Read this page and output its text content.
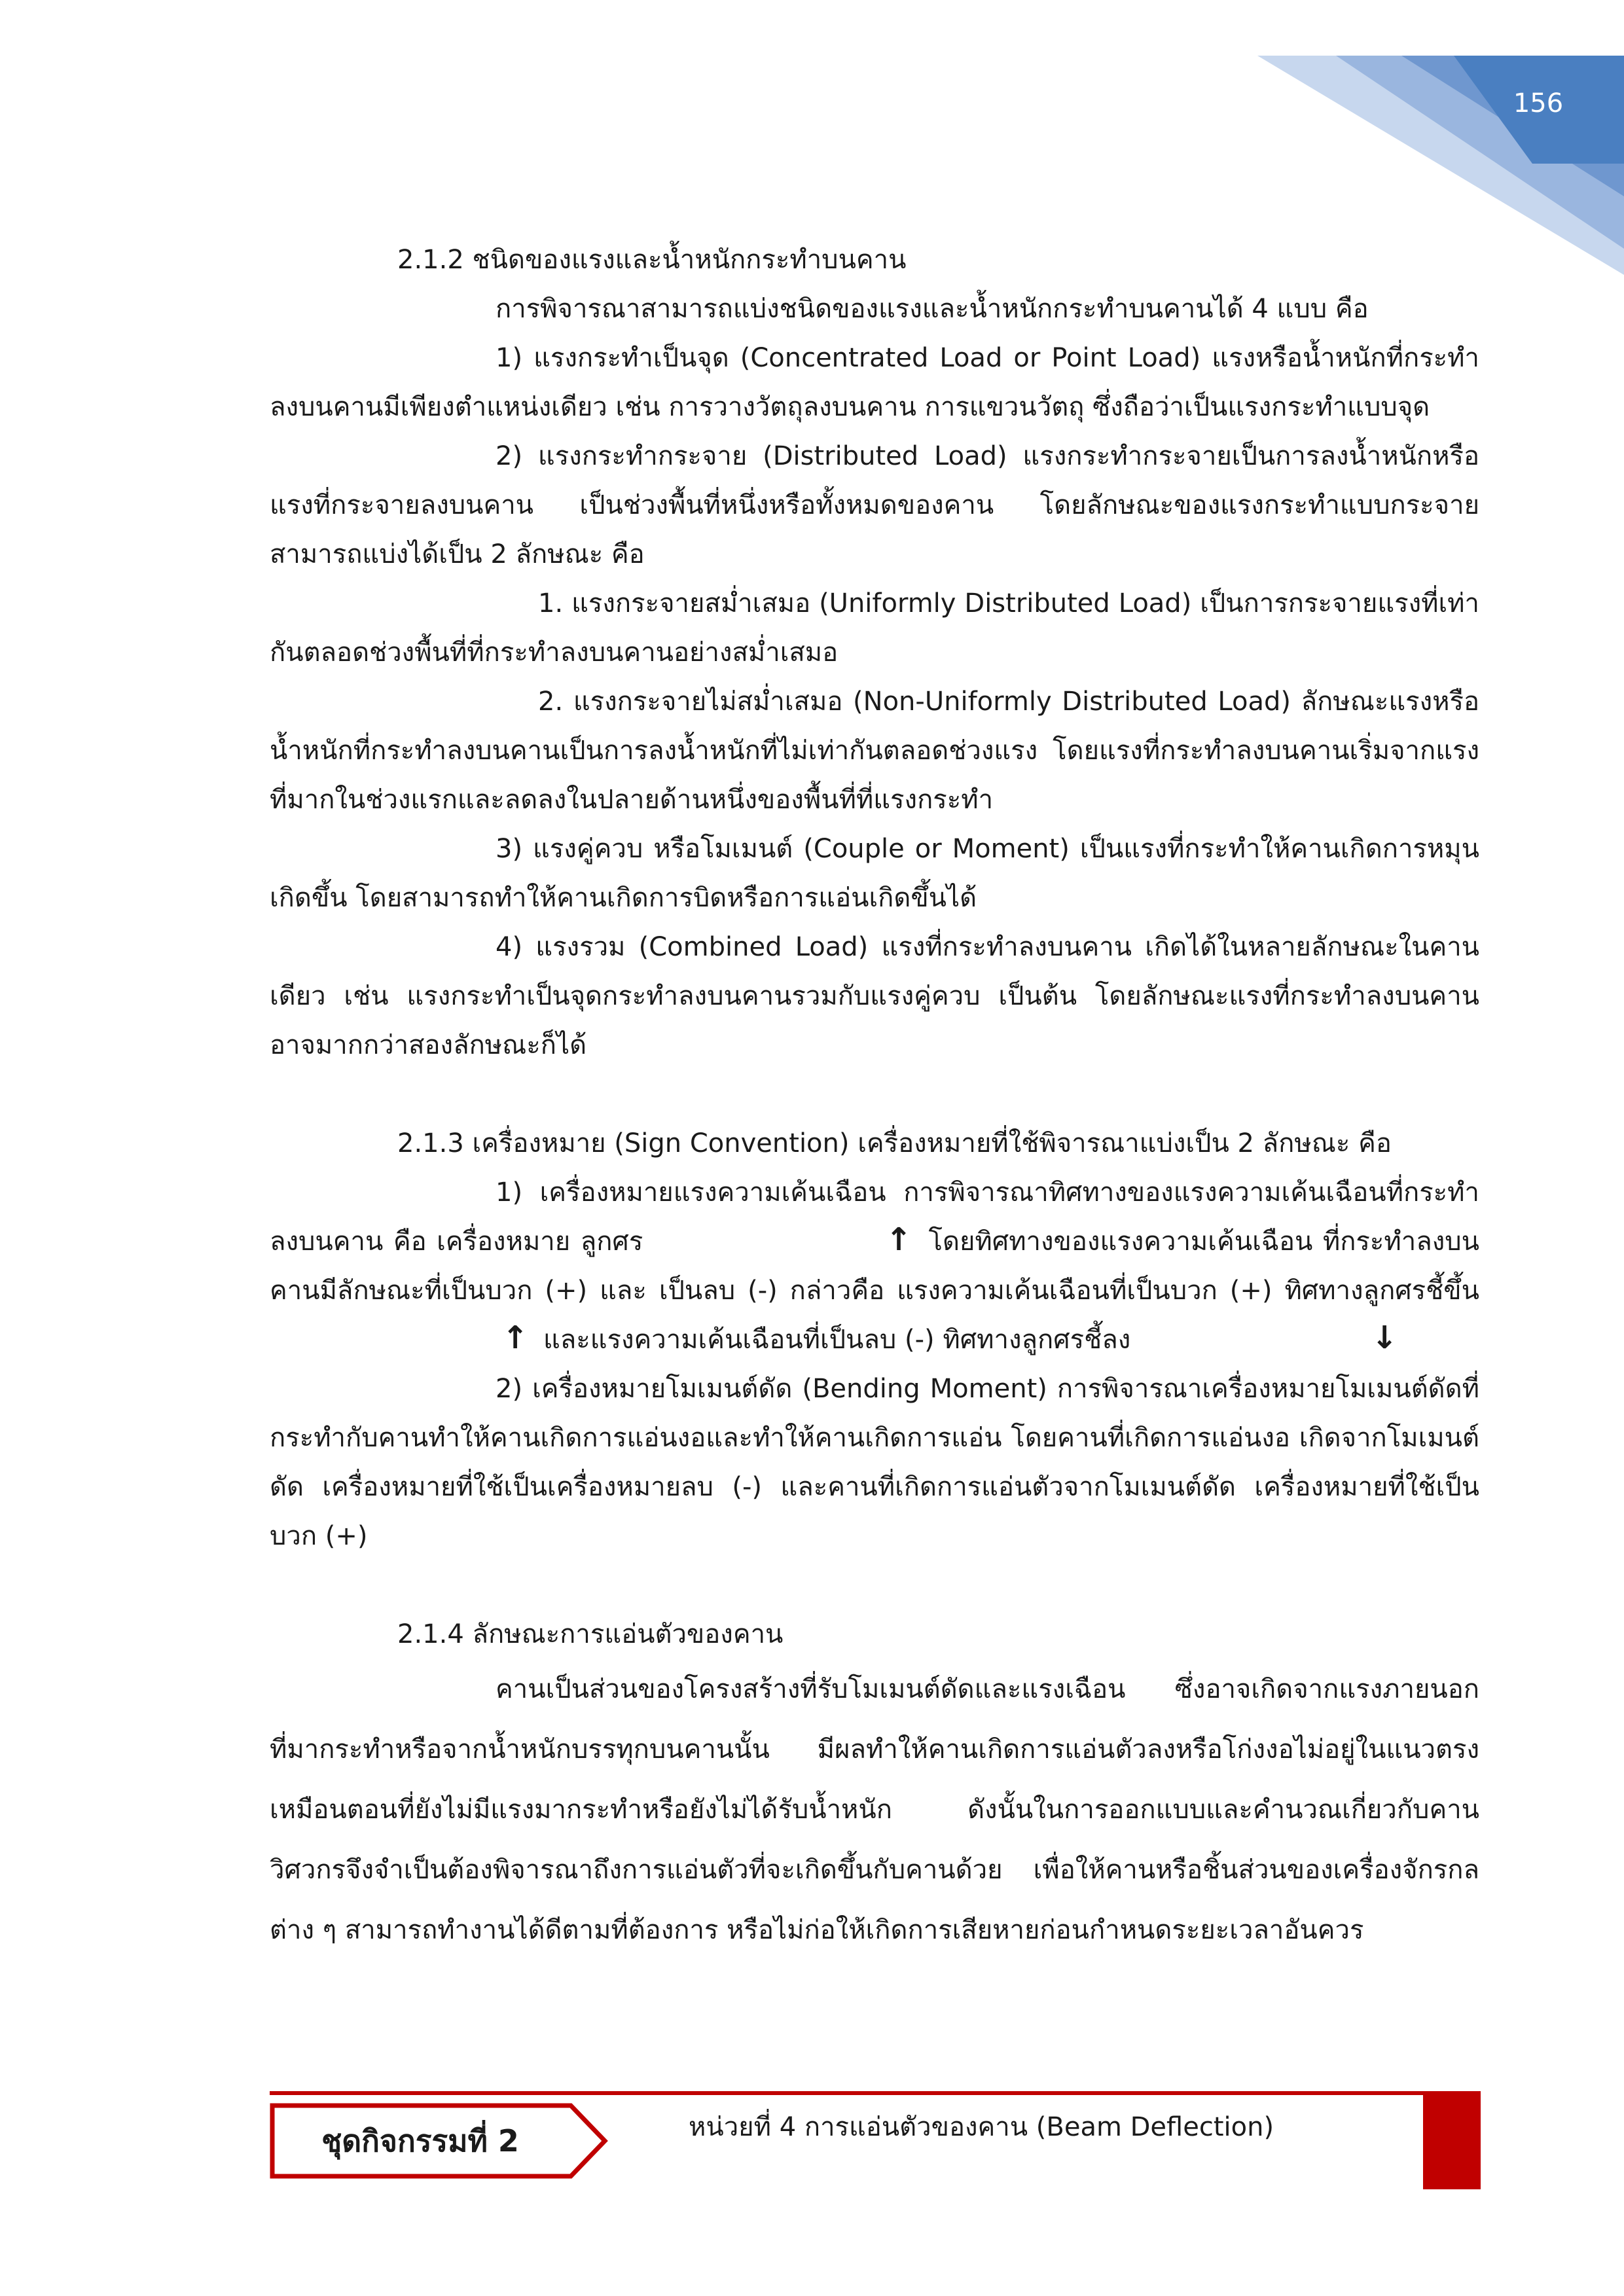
156

2.1.2 ชนิดของแรงและน้ำหนักกระทำบนคาน

การพิจารณาสามารถแบ่งชนิดของแรงและน้ำหนักกระทำบนคานได้ 4 แบบ คือ

1) แรงกระทำเป็นจุด (Concentrated Load or Point Load) แรงหรือน้ำหนักที่กระทำลงบนคานมีเพียงตำแหน่งเดียว เช่น การวางวัตถุลงบนคาน การแขวนวัตถุ ซึ่งถือว่าเป็นแรงกระทำแบบจุด

2) แรงกระทำกระจาย (Distributed Load) แรงกระทำกระจายเป็นการลงน้ำหนักหรือแรงที่กระจายลงบนคาน เป็นช่วงพื้นที่หนึ่งหรือทั้งหมดของคาน โดยลักษณะของแรงกระทำแบบกระจายสามารถแบ่งได้เป็น 2 ลักษณะ คือ

1. แรงกระจายสม่ำเสมอ (Uniformly Distributed Load) เป็นการกระจายแรงที่เท่ากันตลอดช่วงพื้นที่ที่กระทำลงบนคานอย่างสม่ำเสมอ

2. แรงกระจายไม่สม่ำเสมอ (Non-Uniformly Distributed Load) ลักษณะแรงหรือน้ำหนักที่กระทำลงบนคานเป็นการลงน้ำหนักที่ไม่เท่ากันตลอดช่วงแรง โดยแรงที่กระทำลงบนคานเริ่มจากแรงที่มากในช่วงแรกและลดลงในปลายด้านหนึ่งของพื้นที่ที่แรงกระทำ

3) แรงคู่ควบ หรือโมเมนต์ (Couple or Moment) เป็นแรงที่กระทำให้คานเกิดการหมุนเกิดขึ้น โดยสามารถทำให้คานเกิดการบิดหรือการแอ่นเกิดขึ้นได้

4) แรงรวม (Combined Load) แรงที่กระทำลงบนคาน เกิดได้ในหลายลักษณะในคานเดียว เช่น แรงกระทำเป็นจุดกระทำลงบนคานรวมกับแรงคู่ควบ เป็นต้น โดยลักษณะแรงที่กระทำลงบนคาน อาจมากกว่าสองลักษณะก็ได้

2.1.3 เครื่องหมาย (Sign Convention) เครื่องหมายที่ใช้พิจารณาแบ่งเป็น 2 ลักษณะ คือ

1) เครื่องหมายแรงความเค้นเฉือน การพิจารณาทิศทางของแรงความเค้นเฉือนที่กระทำลงบนคาน คือ เครื่องหมาย ลูกศร	↑ โดยทิศทางของแรงความเค้นเฉือน ที่กระทำลงบนคานมีลักษณะที่เป็นบวก (+) และ เป็นลบ (-) กล่าวคือ แรงความเค้นเฉือนที่เป็นบวก (+) ทิศทางลูกศรชี้ขึ้น ↑ และแรงความเค้นเฉือนที่เป็นลบ (-) ทิศทางลูกศรชี้ลง	↓

2) เครื่องหมายโมเมนต์ดัด (Bending Moment) การพิจารณาเครื่องหมายโมเมนต์ดัดที่กระทำกับคานทำให้คานเกิดการแอ่นงอและทำให้คานเกิดการแอ่น โดยคานที่เกิดการแอ่นงอ เกิดจากโมเมนต์ดัด เครื่องหมายที่ใช้เป็นเครื่องหมายลบ (-) และคานที่เกิดการแอ่นตัวจากโมเมนต์ดัด เครื่องหมายที่ใช้เป็นบวก (+)

2.1.4 ลักษณะการแอ่นตัวของคาน

คานเป็นส่วนของโครงสร้างที่รับโมเมนต์ดัดและแรงเฉือน ซึ่งอาจเกิดจากแรงภายนอกที่มากระทำหรือจากน้ำหนักบรรทุกบนคานนั้น มีผลทำให้คานเกิดการแอ่นตัวลงหรือโก่งงอไม่อยู่ในแนวตรงเหมือนตอนที่ยังไม่มีแรงมากระทำหรือยังไม่ได้รับน้ำหนัก ดังนั้นในการออกแบบและคำนวณเกี่ยวกับคานวิศวกรจึงจำเป็นต้องพิจารณาถึงการแอ่นตัวที่จะเกิดขึ้นกับคานด้วย เพื่อให้คานหรือชิ้นส่วนของเครื่องจักรกลต่าง ๆ สามารถทำงานได้ดีตามที่ต้องการ หรือไม่ก่อให้เกิดการเสียหายก่อนกำหนดระยะเวลาอันควร

ชุดกิจกรรมที่ 2	หน่วยที่ 4 การแอ่นตัวของคาน (Beam Deflection)
